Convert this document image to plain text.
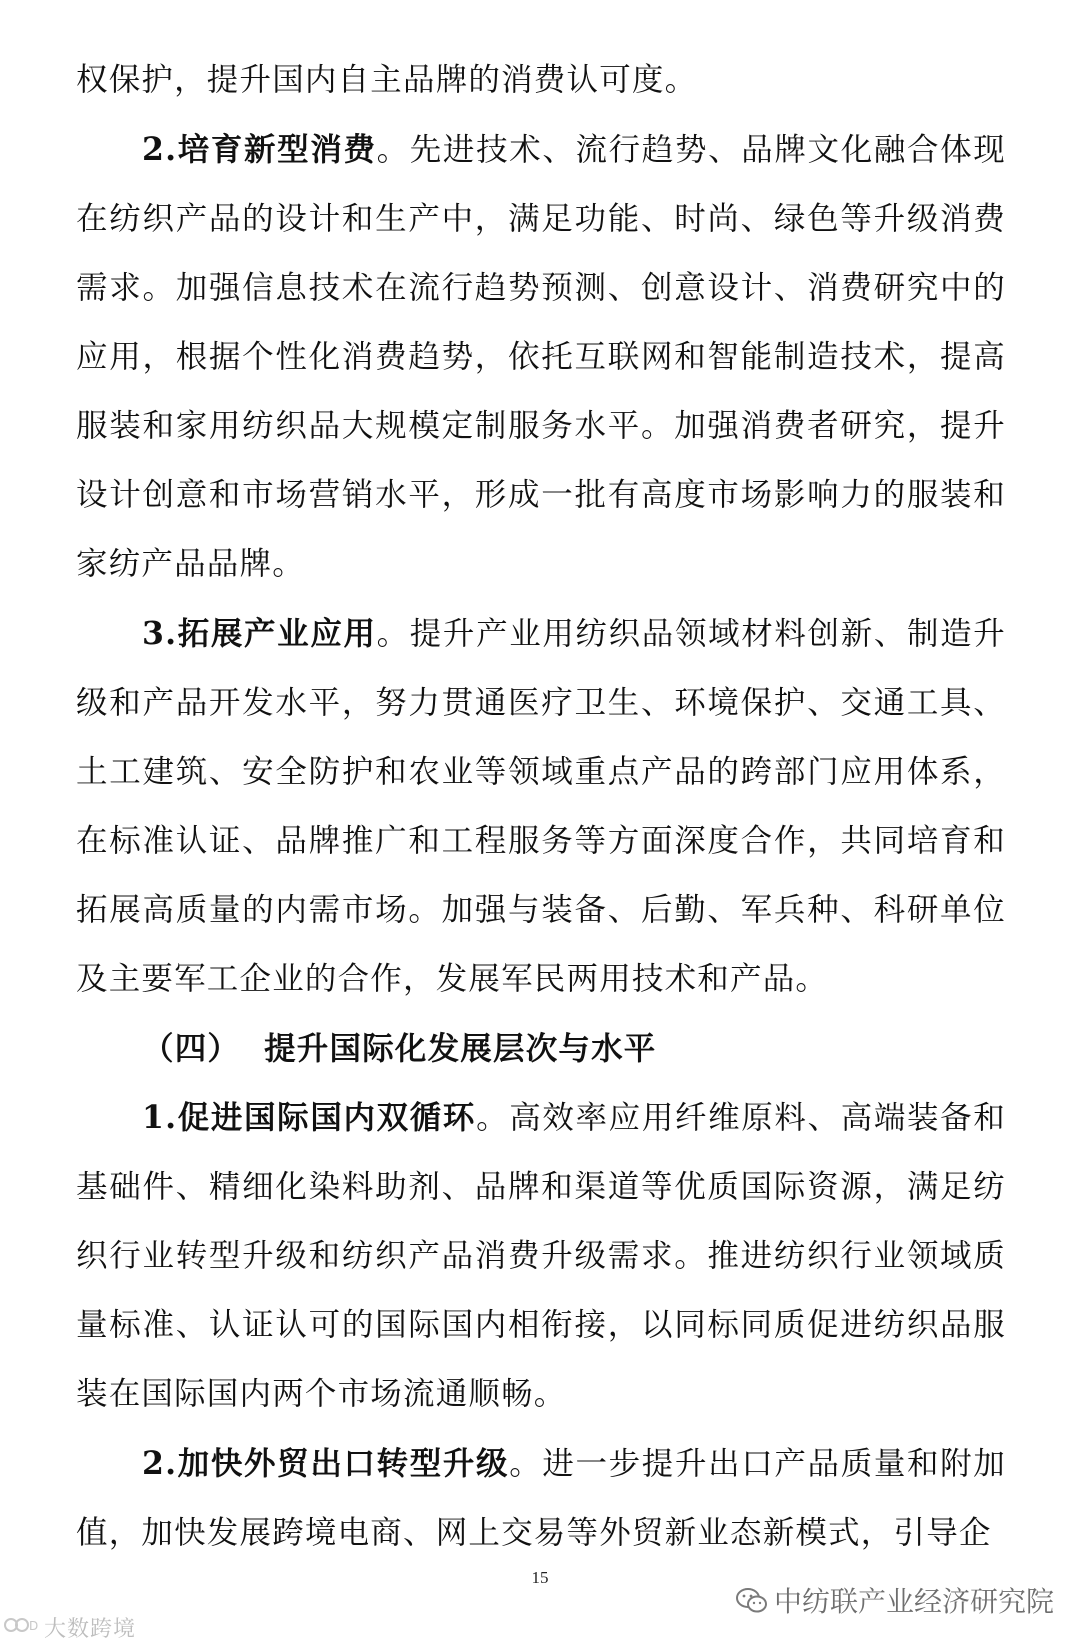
权保护，提升国内自主品牌的消费认可度。

2.培育新型消费。先进技术、流行趋势、品牌文化融合体现在纺织产品的设计和生产中，满足功能、时尚、绿色等升级消费需求。加强信息技术在流行趋势预测、创意设计、消费研究中的应用，根据个性化消费趋势，依托互联网和智能制造技术，提高服装和家用纺织品大规模定制服务水平。加强消费者研究，提升设计创意和市场营销水平，形成一批有高度市场影响力的服装和家纺产品品牌。

3.拓展产业应用。提升产业用纺织品领域材料创新、制造升级和产品开发水平，努力贯通医疗卫生、环境保护、交通工具、土工建筑、安全防护和农业等领域重点产品的跨部门应用体系，在标准认证、品牌推广和工程服务等方面深度合作，共同培育和拓展高质量的内需市场。加强与装备、后勤、军兵种、科研单位及主要军工企业的合作，发展军民两用技术和产品。

（四） 提升国际化发展层次与水平

1.促进国际国内双循环。高效率应用纤维原料、高端装备和基础件、精细化染料助剂、品牌和渠道等优质国际资源，满足纺织行业转型升级和纺织产品消费升级需求。推进纺织行业领域质量标准、认证认可的国际国内相衔接，以同标同质促进纺织品服装在国际国内两个市场流通顺畅。

2.加快外贸出口转型升级。进一步提升出口产品质量和附加值，加快发展跨境电商、网上交易等外贸新业态新模式，引导企

15
D 大数跨境
中纺联产业经济研究院
